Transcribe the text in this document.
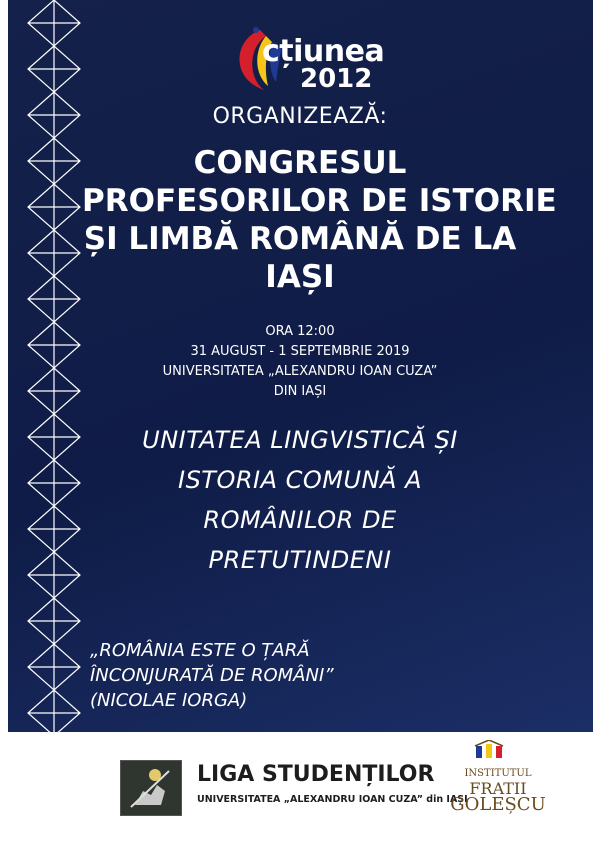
cțiunea
2012
ORGANIZEAZĂ:
CONGRESUL
PROFESORILOR DE ISTORIE
ȘI LIMBĂ ROMÂNĂ DE LA
IAȘI
ORA 12:00
31 AUGUST - 1 SEPTEMBRIE 2019
UNIVERSITATEA „ALEXANDRU IOAN CUZA”
DIN IAȘI
UNITATEA LINGVISTICĂ ȘI
ISTORIA COMUNĂ A
ROMÂNILOR DE
PRETUTINDENI
„ROMÂNIA ESTE O ȚARĂ
ÎNCONJURATĂ DE ROMÂNI”
(NICOLAE IORGA)
LIGA STUDENȚILOR
UNIVERSITATEA „ALEXANDRU IOAN CUZA” din IAȘI
INSTITUTUL
FRATII
GOLEȘCU
